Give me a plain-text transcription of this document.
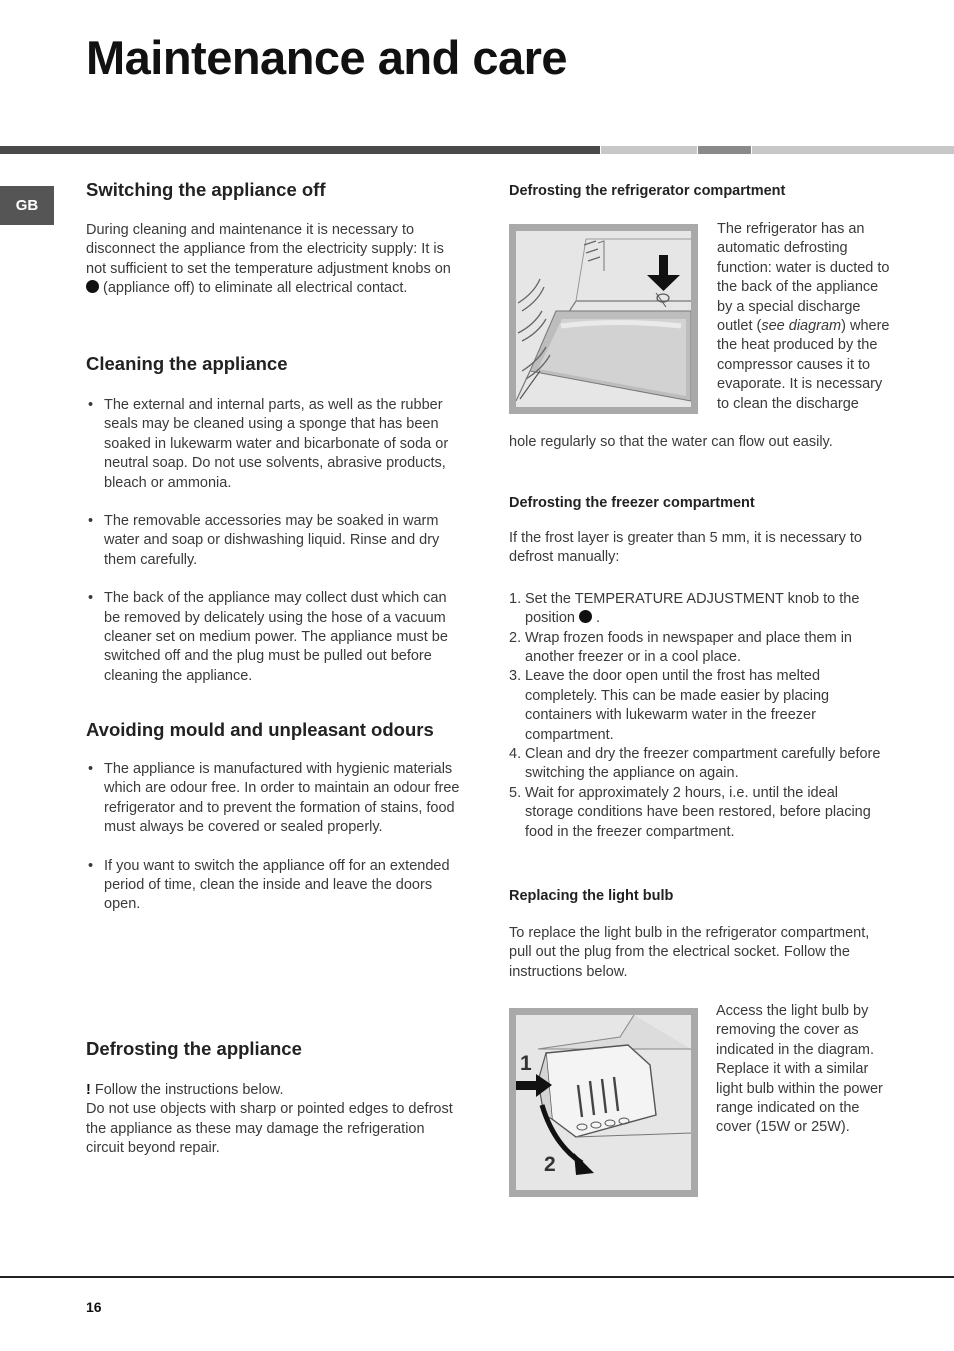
Maintenance and care
GB
Switching the appliance off

During cleaning and maintenance it is necessary to disconnect the appliance from the electricity supply: It is not sufficient to set the temperature adjustment knobs on  (appliance off) to eliminate all electrical contact.

Cleaning the appliance
• The external and internal parts, as well as the rubber seals may be cleaned using a sponge that has been soaked in lukewarm water and bicarbonate of soda or neutral soap. Do not use solvents, abrasive products, bleach or ammonia.
• The removable accessories may be soaked in warm water and soap or dishwashing liquid. Rinse and dry them carefully.
• The back of the appliance may collect dust which can be removed by delicately using the hose of a vacuum cleaner set on medium power. The appliance must be switched off and the plug must be pulled out before cleaning the appliance.
Avoiding mould and unpleasant odours
• The appliance is manufactured with hygienic materials which are odour free. In order to maintain an odour free refrigerator and to prevent the formation of stains, food must always be covered or sealed properly.
• If you want to switch the appliance off for an extended period of time, clean the inside and leave the doors open.
Defrosting the appliance

! Follow the instructions below.

Do not use objects with sharp or pointed edges to defrost the appliance as these may damage the refrigeration circuit beyond repair.

Defrosting the refrigerator compartment

The refrigerator has an automatic defrosting function: water is ducted to the back of the appliance by a special discharge outlet (see diagram) where the heat produced by the compressor causes it to evaporate. It is necessary to clean the discharge

hole regularly so that the water can flow out easily.

Defrosting the freezer compartment

If the frost layer is greater than 5 mm, it is necessary to defrost manually:

1. Set the TEMPERATURE ADJUSTMENT knob to the position .
2. Wrap frozen foods in newspaper and place them in another freezer or in a cool place.
3. Leave the door open until the frost has melted completely. This can be made easier by placing containers with lukewarm water in the freezer compartment.
4. Clean and dry the freezer compartment carefully before switching the appliance on again.
5. Wait for approximately 2 hours, i.e. until the ideal storage conditions have been restored, before placing food in the freezer compartment.
Replacing the light bulb

To replace the light bulb in the refrigerator compartment, pull out the plug from the electrical socket. Follow the instructions below.

1
2

Access the light bulb by removing the cover as indicated in the diagram. Replace it with a similar light bulb within the power range indicated on the cover (15W or 25W).

16
